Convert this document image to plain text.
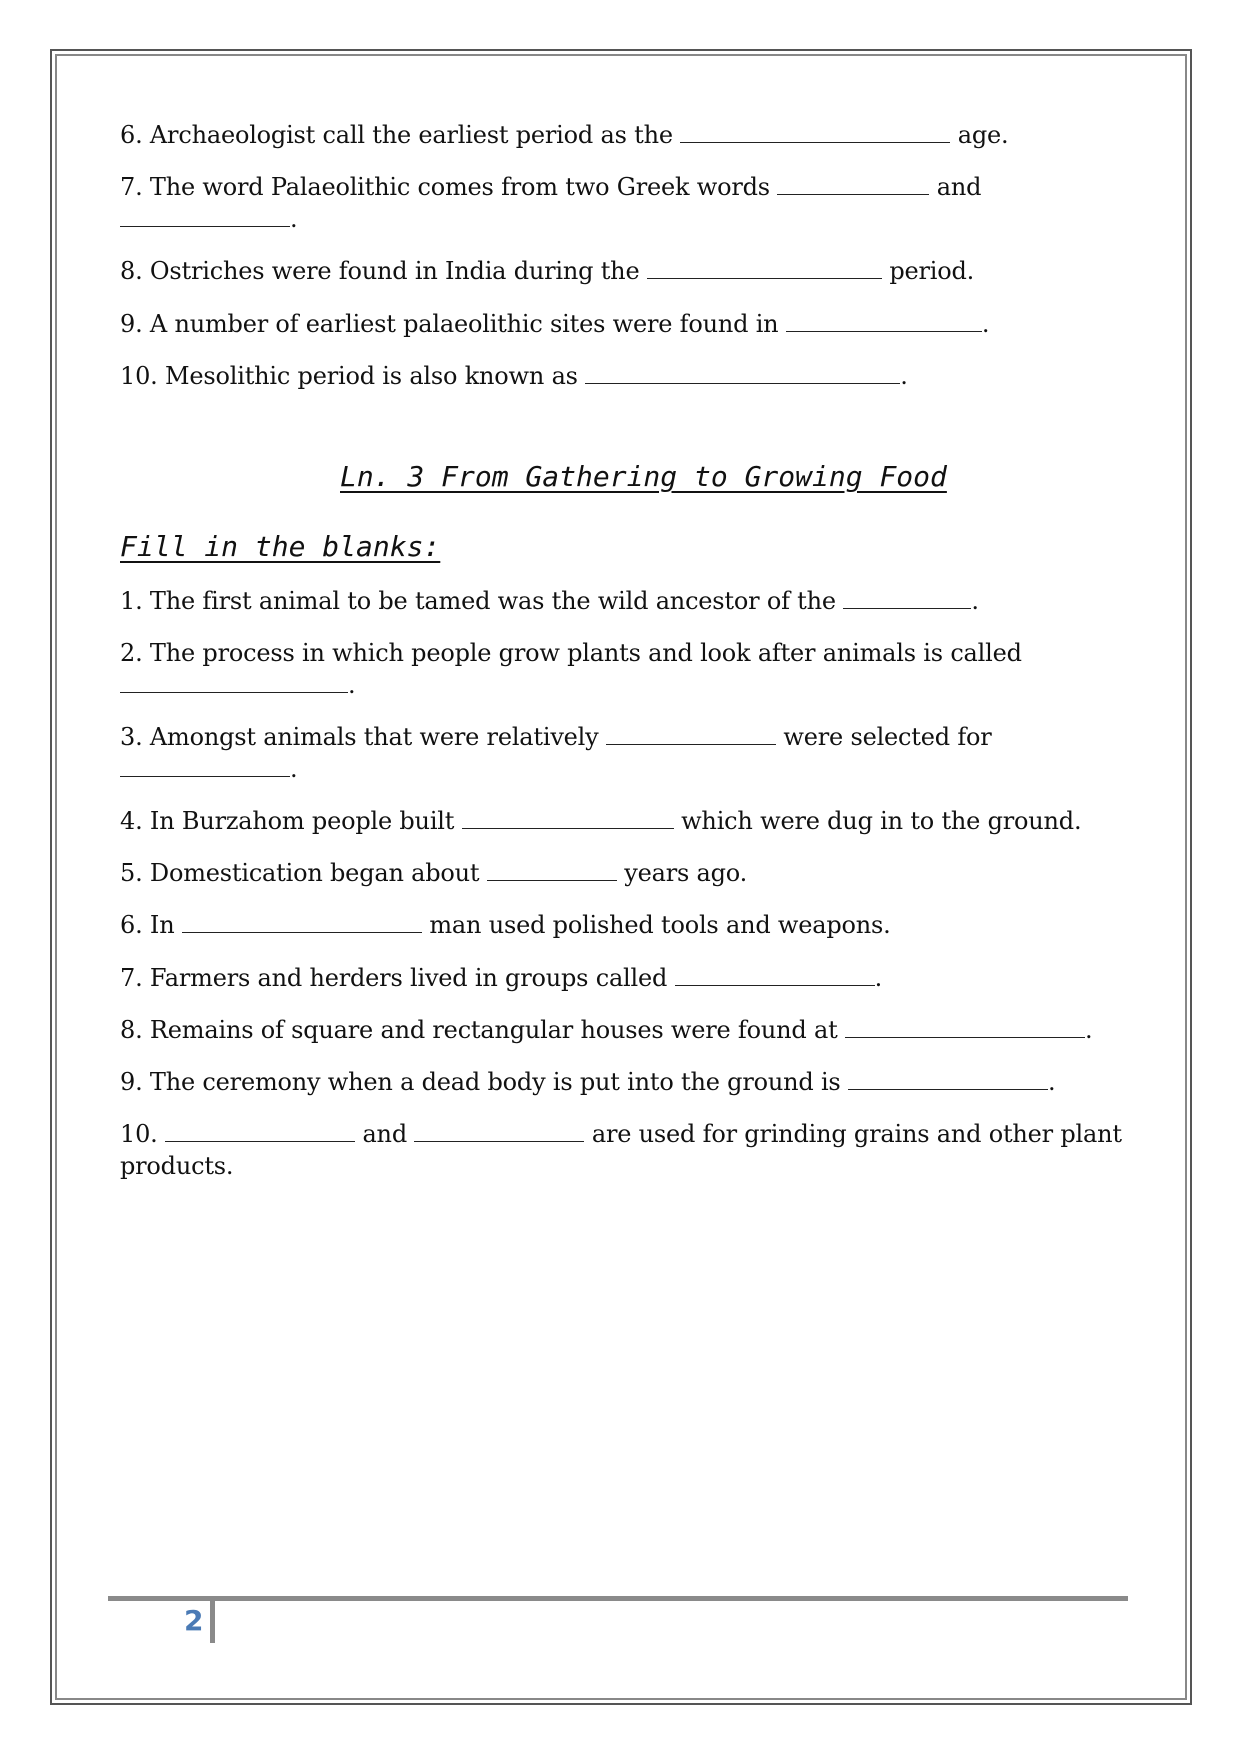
6. Archaeologist call the earliest period as the	age.
7. The word Palaeolithic comes from two Greek words	and
.
8. Ostriches were found in India during the	period.
9. A number of earliest palaeolithic sites were found in	.
10. Mesolithic period is also known as	.
Ln. 3 From Gathering to Growing Food
Fill in the blanks:
1. The first animal to be tamed was the wild ancestor of the	.
2. The process in which people grow plants and look after animals is called
.
3. Amongst animals that were relatively	were selected for
.
4. In Burzahom people built	which were dug in to the ground.
5. Domestication began about	years ago.
6. In	man used polished tools and weapons.
7. Farmers and herders lived in groups called	.
8. Remains of square and rectangular houses were found at	.
9. The ceremony when a dead body is put into the ground is	.
10.	and	are used for grinding grains and other plant
products.
2
